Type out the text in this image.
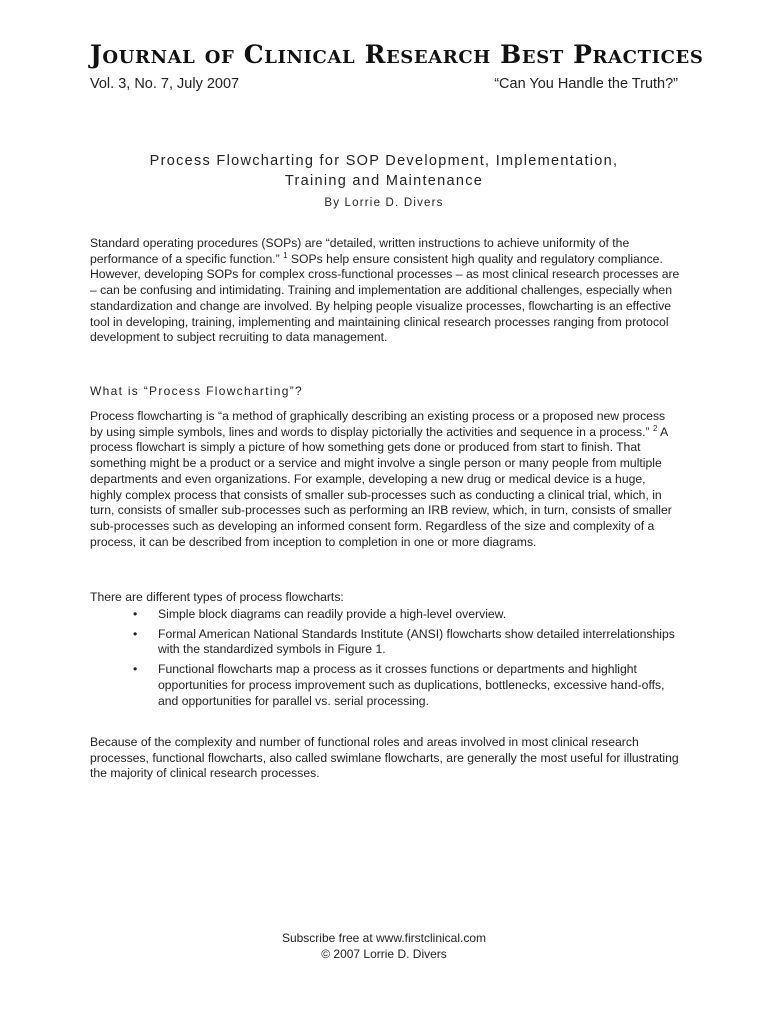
Journal of Clinical Research Best Practices
Vol. 3, No. 7, July 2007	“Can You Handle the Truth?”
Process Flowcharting for SOP Development, Implementation,
Training and Maintenance
By Lorrie D. Divers

Standard operating procedures (SOPs) are “detailed, written instructions to achieve uniformity of the performance of a specific function.” $^1$ SOPs help ensure consistent high quality and regulatory compliance. However, developing SOPs for complex cross-functional processes – as most clinical research processes are – can be confusing and intimidating. Training and implementation are additional challenges, especially when standardization and change are involved. By helping people visualize processes, flowcharting is an effective tool in developing, training, implementing and maintaining clinical research processes ranging from protocol development to subject recruiting to data management.

What is “Process Flowcharting”?

Process flowcharting is “a method of graphically describing an existing process or a proposed new process by using simple symbols, lines and words to display pictorially the activities and sequence in a process.” $^2$ A process flowchart is simply a picture of how something gets done or produced from start to finish. That something might be a product or a service and might involve a single person or many people from multiple departments and even organizations. For example, developing a new drug or medical device is a huge, highly complex process that consists of smaller sub-processes such as conducting a clinical trial, which, in turn, consists of smaller sub-processes such as performing an IRB review, which, in turn, consists of smaller sub-processes such as developing an informed consent form. Regardless of the size and complexity of a process, it can be described from inception to completion in one or more diagrams.

There are different types of process flowcharts:

• Simple block diagrams can readily provide a high-level overview.
• Formal American National Standards Institute (ANSI) flowcharts show detailed interrelationships with the standardized symbols in Figure 1.
• Functional flowcharts map a process as it crosses functions or departments and highlight opportunities for process improvement such as duplications, bottlenecks, excessive hand-offs, and opportunities for parallel vs. serial processing.

Because of the complexity and number of functional roles and areas involved in most clinical research processes, functional flowcharts, also called swimlane flowcharts, are generally the most useful for illustrating the majority of clinical research processes.

Subscribe free at www.firstclinical.com
© 2007 Lorrie D. Divers
